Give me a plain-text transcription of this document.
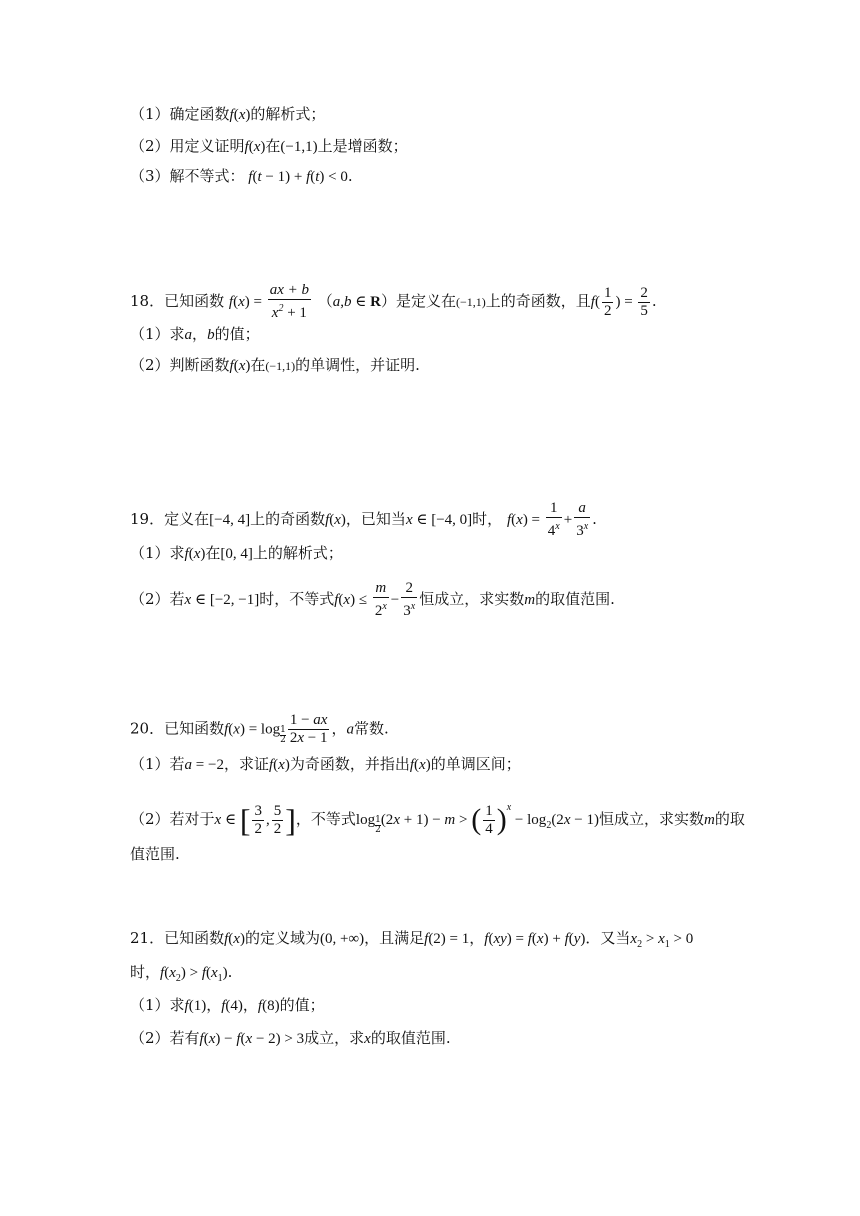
（1）确定函数f(x)的解析式；
（2）用定义证明f(x)在(−1,1)上是增函数；
（3）解不等式： f(t − 1) + f(t) < 0.
18．已知函数 $f(x) = \frac{ax + b}{x^2 + 1} (a,b$ ∈ R）是定义在(−1,1)上的奇函数，且$f( \frac{1}{2}$ ) = $\frac{2}{5}$ .
（1）求a，b的值；
（2）判断函数f(x)在(−1,1)的单调性，并证明.
19．定义在[−4, 4]上的奇函数f(x)，已知当x ∈ [−4, 0]时， $f(x) = \frac{1}{4^x} + \frac{a}{3^x}$ .
（1）求f(x)在[0, 4]上的解析式；
（2）若x ∈ [−2, −1]时，不等式$f(x) \le \frac{m}{2^x} - \frac{2}{3^x}$ 恒成立，求实数m的取值范围.
20．已知函数$f(x) = \log \frac{1}{2} \frac{1 - ax}{2x - 1}$ ，a常数.
（1）若a = −2，求证f(x)为奇函数，并指出f(x)的单调区间；
（2）若对于x ∈ [ $\frac{3}{2}$ , $\frac{5}{2}$ ]，不等式$\log \frac{1}{2} (2x + 1) - m$ > ( $\frac{1}{4} )^x - \log_2(2x - 1)$恒成立，求实数m的取
值范围.
21．已知函数f(x)的定义域为(0, +∞)，且满足f(2) = 1，f(xy) = f(x) + f(y)．又当$x_2 > x_1 > 0$
时，$f(x_2) > f(x_1)$.
（1）求f(1)，f(4)，f(8)的值；
（2）若有f(x) − f(x − 2) > 3成立，求x的取值范围.
